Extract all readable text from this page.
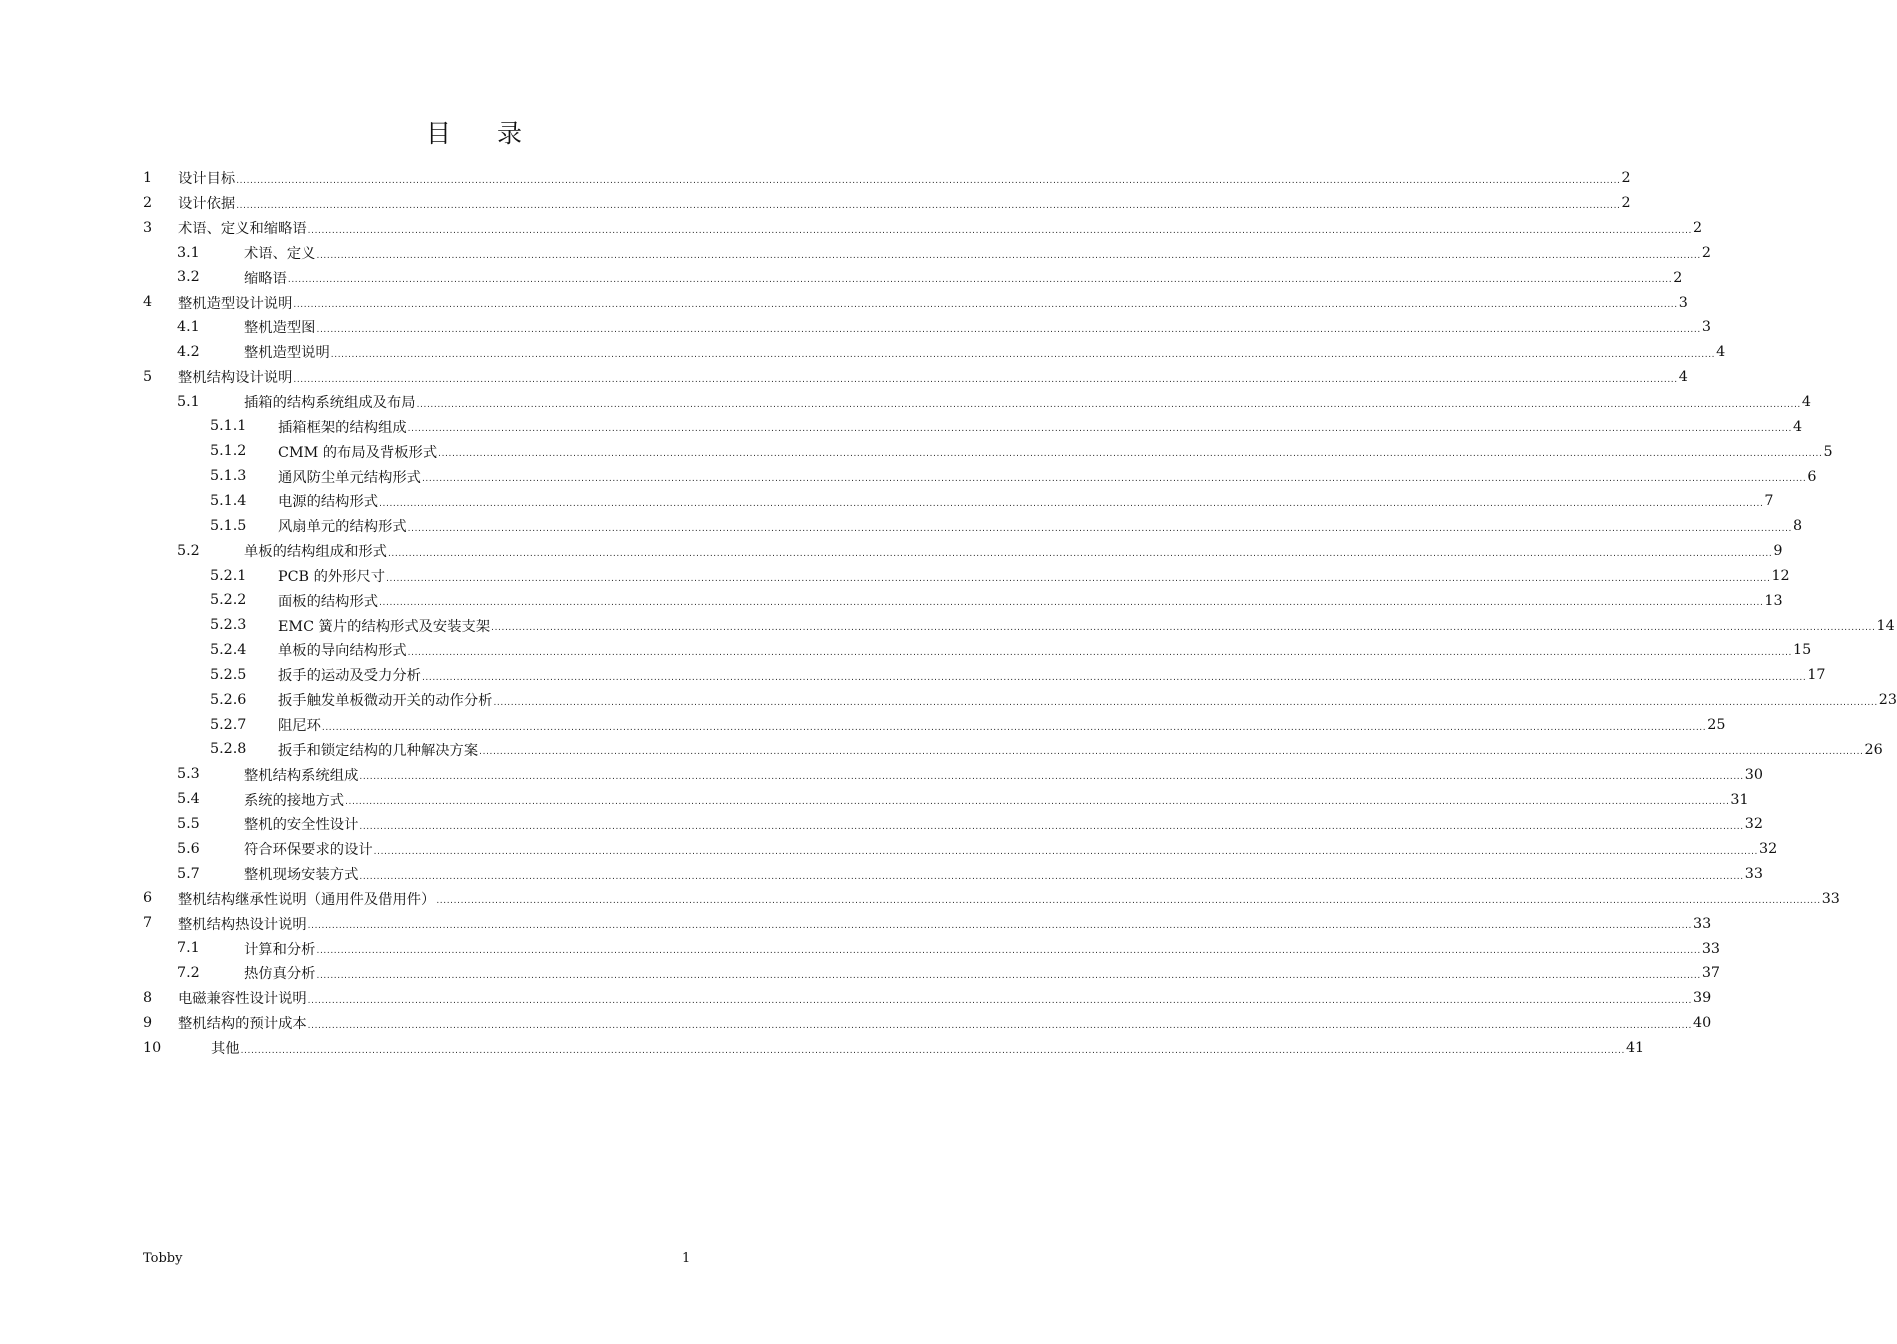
目 录
1 设计目标 ................................................................................................................................................................................................................................................................................................................................................................................................................ 2
2 设计依据 ................................................................................................................................................................................................................................................................................................................................................................................................................ 2
3 术语、定义和缩略语 ................................................................................................................................................................................................................................................................................................................................................................................................................ 2
3.1	术语、定义 ................................................................................................................................................................................................................................................................................................................................................................................................................ 2
3.2	缩略语 ................................................................................................................................................................................................................................................................................................................................................................................................................ 2
4 整机造型设计说明 ................................................................................................................................................................................................................................................................................................................................................................................................................ 3
4.1	整机造型图 ................................................................................................................................................................................................................................................................................................................................................................................................................ 3
4.2	整机造型说明 ................................................................................................................................................................................................................................................................................................................................................................................................................ 4
5 整机结构设计说明 ................................................................................................................................................................................................................................................................................................................................................................................................................ 4
5.1	插箱的结构系统组成及布局 ................................................................................................................................................................................................................................................................................................................................................................................................................ 4
5.1.1 插箱框架的结构组成 ................................................................................................................................................................................................................................................................................................................................................................................................................ 4
5.1.2 CMM 的布局及背板形式 ................................................................................................................................................................................................................................................................................................................................................................................................................ 5
5.1.3 通风防尘单元结构形式 ................................................................................................................................................................................................................................................................................................................................................................................................................ 6
5.1.4 电源的结构形式 ................................................................................................................................................................................................................................................................................................................................................................................................................ 7
5.1.5 风扇单元的结构形式 ................................................................................................................................................................................................................................................................................................................................................................................................................ 8
5.2	单板的结构组成和形式 ................................................................................................................................................................................................................................................................................................................................................................................................................ 9
5.2.1 PCB 的外形尺寸 ................................................................................................................................................................................................................................................................................................................................................................................................................ 12
5.2.2 面板的结构形式 ................................................................................................................................................................................................................................................................................................................................................................................................................ 13
5.2.3 EMC 簧片的结构形式及安装支架 ................................................................................................................................................................................................................................................................................................................................................................................................................ 14
5.2.4 单板的导向结构形式 ................................................................................................................................................................................................................................................................................................................................................................................................................ 15
5.2.5 扳手的运动及受力分析 ................................................................................................................................................................................................................................................................................................................................................................................................................ 17
5.2.6 扳手触发单板微动开关的动作分析 ................................................................................................................................................................................................................................................................................................................................................................................................................ 23
5.2.7 阻尼环 ................................................................................................................................................................................................................................................................................................................................................................................................................ 25
5.2.8 扳手和锁定结构的几种解决方案 ................................................................................................................................................................................................................................................................................................................................................................................................................ 26
5.3	整机结构系统组成 ................................................................................................................................................................................................................................................................................................................................................................................................................ 30
5.4	系统的接地方式 ................................................................................................................................................................................................................................................................................................................................................................................................................ 31
5.5	整机的安全性设计 ................................................................................................................................................................................................................................................................................................................................................................................................................ 32
5.6	符合环保要求的设计 ................................................................................................................................................................................................................................................................................................................................................................................................................ 32
5.7	整机现场安装方式 ................................................................................................................................................................................................................................................................................................................................................................................................................ 33
6 整机结构继承性说明（通用件及借用件） ................................................................................................................................................................................................................................................................................................................................................................................................................ 33
7 整机结构热设计说明 ................................................................................................................................................................................................................................................................................................................................................................................................................ 33
7.1	计算和分析 ................................................................................................................................................................................................................................................................................................................................................................................................................ 33
7.2	热仿真分析 ................................................................................................................................................................................................................................................................................................................................................................................................................ 37
8 电磁兼容性设计说明 ................................................................................................................................................................................................................................................................................................................................................................................................................ 39
9 整机结构的预计成本 ................................................................................................................................................................................................................................................................................................................................................................................................................ 40
10	其他 ................................................................................................................................................................................................................................................................................................................................................................................................................ 41
Tobby	1
